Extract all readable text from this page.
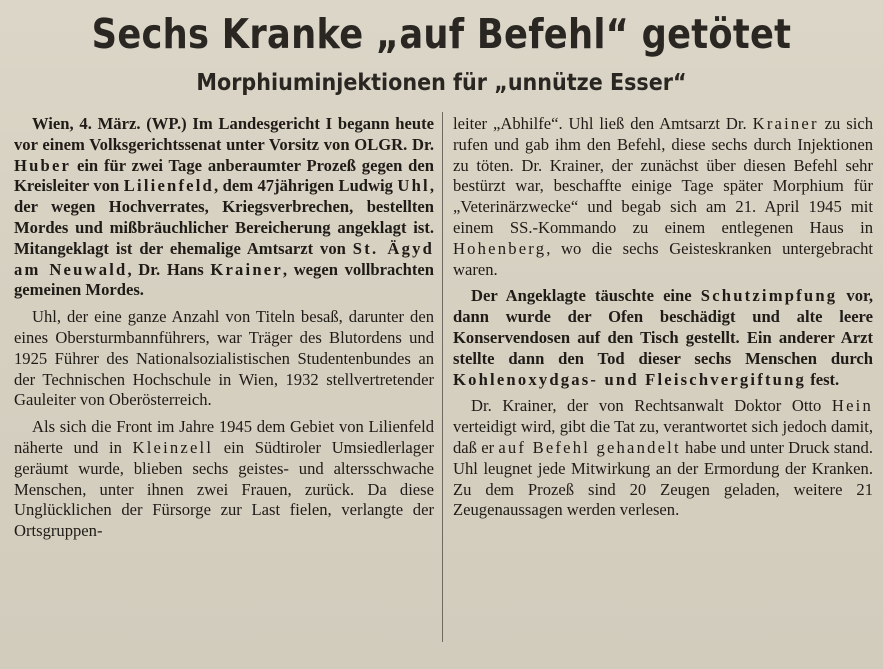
Sechs Kranke „auf Befehl“ getötet
Morphiuminjektionen für „unnütze Esser“

Wien, 4. März. (WP.) Im Landesgericht I begann heute vor einem Volksgerichtssenat unter Vorsitz von OLGR. Dr. Huber ein für zwei Tage anberaumter Prozeß gegen den Kreisleiter von Lilienfeld, dem 47jährigen Ludwig Uhl, der wegen Hochverrates, Kriegsverbrechen, bestellten Mordes und mißbräuchlicher Bereicherung angeklagt ist. Mitangeklagt ist der ehemalige Amtsarzt von St. Ägyd am Neuwald, Dr. Hans Krainer, wegen vollbrachten gemeinen Mordes.

Uhl, der eine ganze Anzahl von Titeln besaß, darunter den eines Obersturmbannführers, war Träger des Blutordens und 1925 Führer des Nationalsozialistischen Studentenbundes an der Technischen Hochschule in Wien, 1932 stellvertretender Gauleiter von Oberösterreich.

Als sich die Front im Jahre 1945 dem Gebiet von Lilienfeld näherte und in Kleinzell ein Südtiroler Umsiedlerlager geräumt wurde, blieben sechs geistes- und altersschwache Menschen, unter ihnen zwei Frauen, zurück. Da diese Unglücklichen der Fürsorge zur Last fielen, verlangte der Ortsgruppen-

leiter „Abhilfe“. Uhl ließ den Amtsarzt Dr. Krainer zu sich rufen und gab ihm den Befehl, diese sechs durch Injektionen zu töten. Dr. Krainer, der zunächst über diesen Befehl sehr bestürzt war, beschaffte einige Tage später Morphium für „Veterinärzwecke“ und begab sich am 21. April 1945 mit einem SS.-Kommando zu einem entlegenen Haus in Hohenberg, wo die sechs Geisteskranken untergebracht waren.

Der Angeklagte täuschte eine Schutzimpfung vor, dann wurde der Ofen beschädigt und alte leere Konservendosen auf den Tisch gestellt. Ein anderer Arzt stellte dann den Tod dieser sechs Menschen durch Kohlenoxydgas- und Fleischvergiftung fest.

Dr. Krainer, der von Rechtsanwalt Doktor Otto Hein verteidigt wird, gibt die Tat zu, verantwortet sich jedoch damit, daß er auf Befehl gehandelt habe und unter Druck stand. Uhl leugnet jede Mitwirkung an der Ermordung der Kranken. Zu dem Prozeß sind 20 Zeugen geladen, weitere 21 Zeugenaussagen werden verlesen.
